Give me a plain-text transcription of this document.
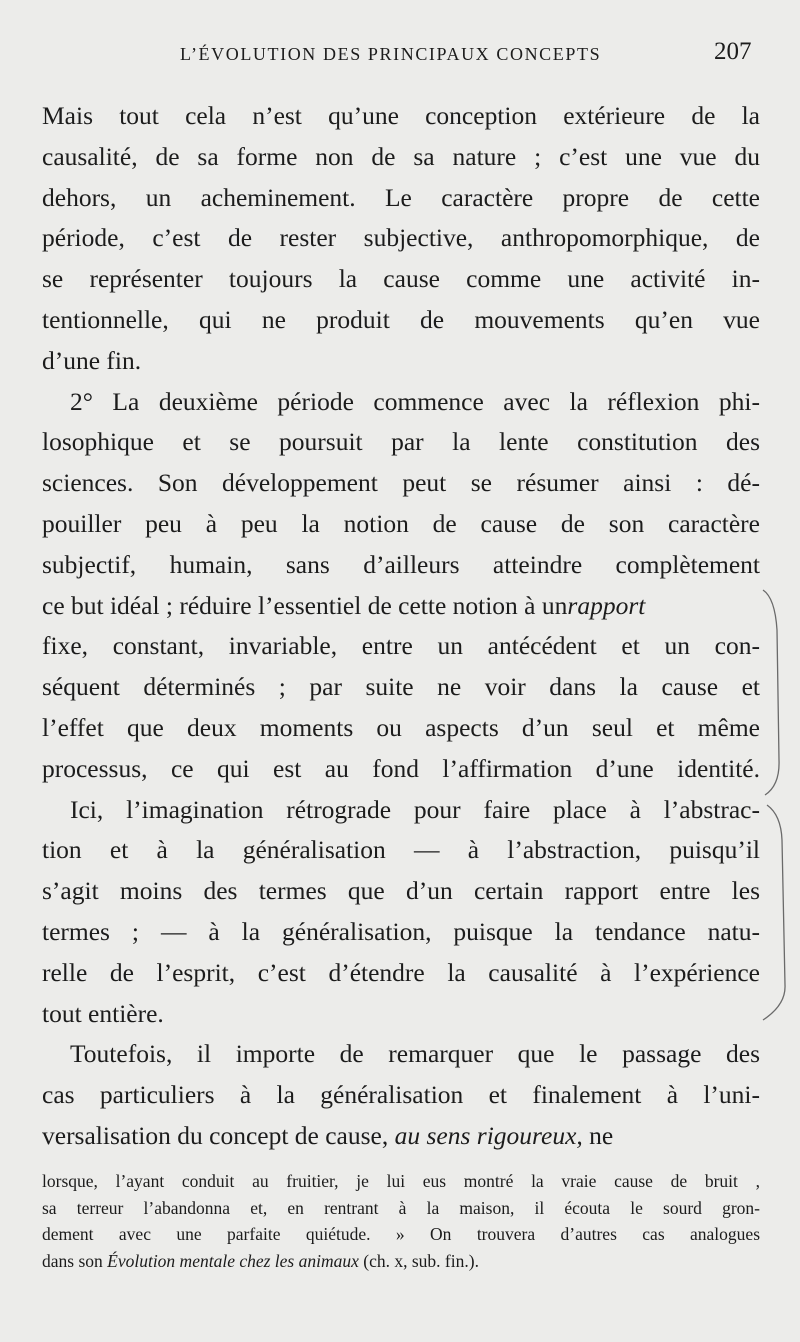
L’ÉVOLUTION DES PRINCIPAUX CONCEPTS	207
Mais tout cela n’est qu’une conception extérieure de la
causalité, de sa forme non de sa nature ; c’est une vue du
dehors, un acheminement. Le caractère propre de cette
période, c’est de rester subjective, anthropomorphique, de
se représenter toujours la cause comme une activité in-
tentionnelle, qui ne produit de mouvements qu’en vue
d’une fin.
2° La deuxième période commence avec la réflexion phi-
losophique et se poursuit par la lente constitution des
sciences. Son développement peut se résumer ainsi : dé-
pouiller peu à peu la notion de cause de son caractère
subjectif, humain, sans d’ailleurs atteindre complètement
ce but idéal ; réduire l’essentiel de cette notion à unrapport
fixe, constant, invariable, entre un antécédent et un con-
séquent déterminés ; par suite ne voir dans la cause et
l’effet que deux moments ou aspects d’un seul et même
processus, ce qui est au fond l’affirmation d’une identité.
Ici, l’imagination rétrograde pour faire place à l’abstrac-
tion et à la généralisation — à l’abstraction, puisqu’il
s’agit moins des termes que d’un certain rapport entre les
termes ; — à la généralisation, puisque la tendance natu-
relle de l’esprit, c’est d’étendre la causalité à l’expérience
tout entière.
Toutefois, il importe de remarquer que le passage des
cas particuliers à la généralisation et finalement à l’uni-
versalisation du concept de cause, au sens rigoureux, ne
lorsque, l’ayant conduit au fruitier, je lui eus montré la vraie cause de bruit ,
sa terreur l’abandonna et, en rentrant à la maison, il écouta le sourd gron-
dement avec une parfaite quiétude. » On trouvera d’autres cas analogues
dans son Évolution mentale chez les animaux (ch. x, sub. fin.).
